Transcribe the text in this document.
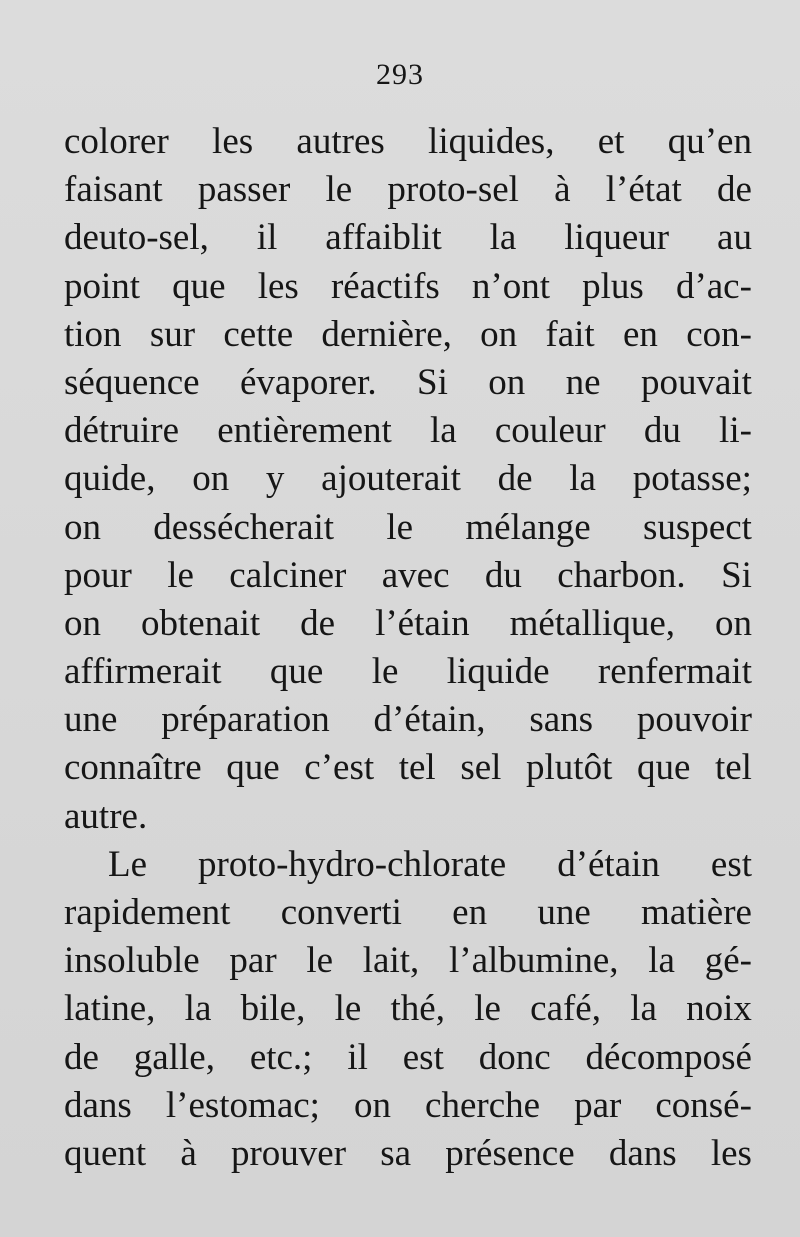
293
colorer les autres liquides, et qu’en
faisant passer le proto-sel à l’état de
deuto-sel, il affaiblit la liqueur au
point que les réactifs n’ont plus d’ac-
tion sur cette dernière, on fait en con-
séquence évaporer. Si on ne pouvait
détruire entièrement la couleur du li-
quide, on y ajouterait de la potasse;
on dessécherait le mélange suspect
pour le calciner avec du charbon. Si
on obtenait de l’étain métallique, on
affirmerait que le liquide renfermait
une préparation d’étain, sans pouvoir
connaître que c’est tel sel plutôt que tel
autre.
Le proto-hydro-chlorate d’étain est
rapidement converti en une matière
insoluble par le lait, l’albumine, la gé-
latine, la bile, le thé, le café, la noix
de galle, etc.; il est donc décomposé
dans l’estomac; on cherche par consé-
quent à prouver sa présence dans les
